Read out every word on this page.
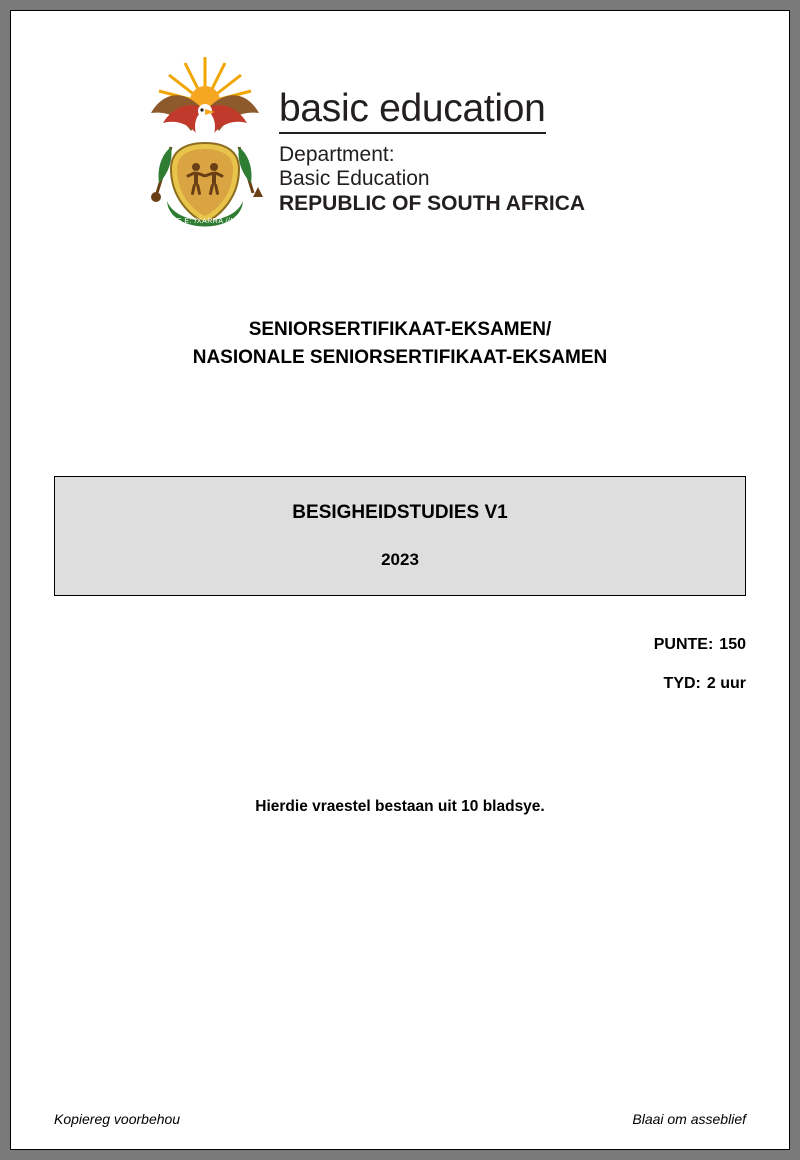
!KE E: /XARRA //KE
basic education
Department:
Basic Education
REPUBLIC OF SOUTH AFRICA
SENIORSERTIFIKAAT-EKSAMEN/
NASIONALE SENIORSERTIFIKAAT-EKSAMEN
BESIGHEIDSTUDIES V1
2023
PUNTE: 150
TYD: 2 uur
Hierdie vraestel bestaan uit 10 bladsye.
Kopiereg voorbehou	Blaai om asseblief
